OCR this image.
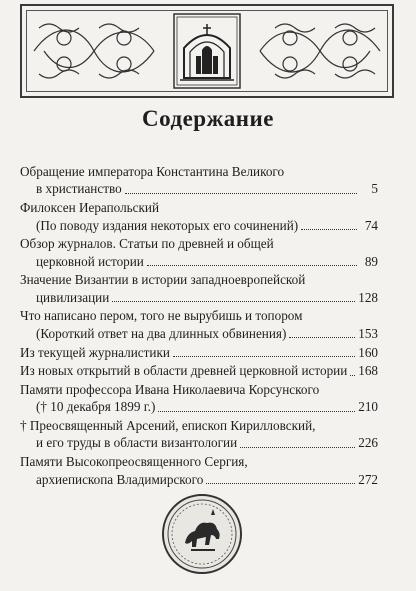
Содержание
Обращение императора Константина Великого
в христианство	5
Филоксен Иерапольский
(По поводу издания некоторых его сочинений)	74
Обзор журналов. Статьи по древней и общей
церковной истории	89
Значение Византии в истории западноевропейской
цивилизации	128
Что написано пером, того не вырубишь и топором
(Короткий ответ на два длинных обвинения)	153
Из текущей журналистики	160
Из новых открытий в области древней церковной истории 168
Памяти профессора Ивана Николаевича Корсунского
(† 10 декабря 1899 г.)	210
† Преосвященный Арсений, епископ Кирилловский,
и его труды в области византологии	226
Памяти Высокопреосвященного Сергия,
архиепископа Владимирского	272
